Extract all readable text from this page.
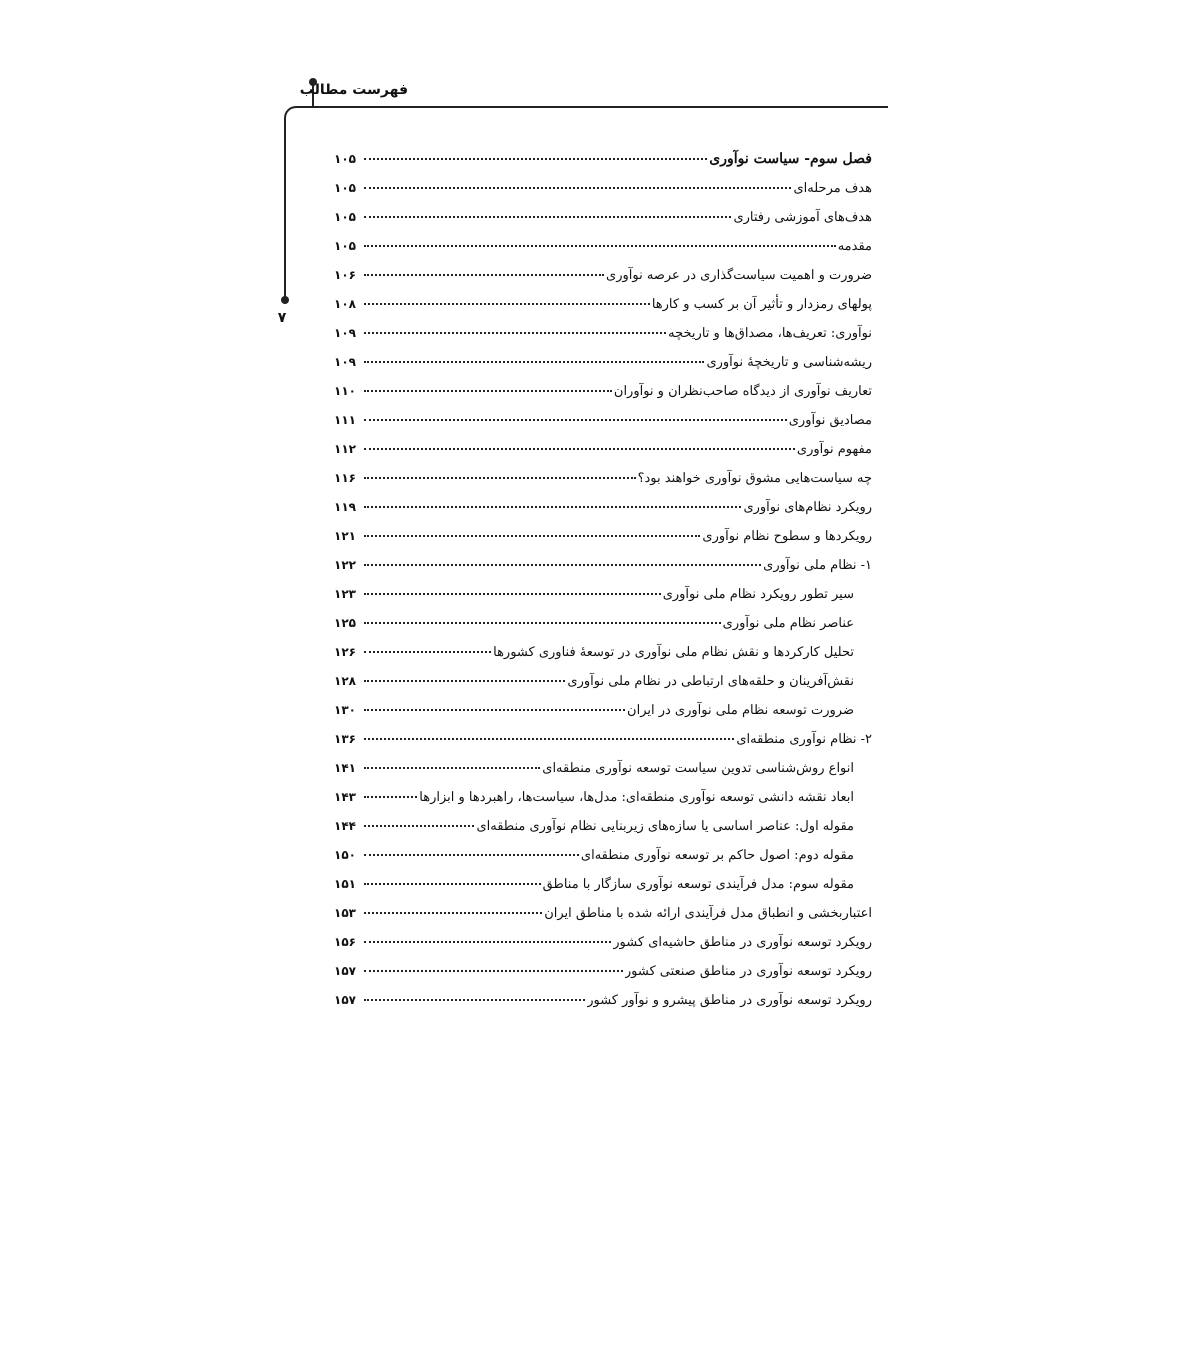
فهرست مطالب
۷
فصل سوم- سیاست نوآوری
۱۰۵
هدف مرحله‌ای
۱۰۵
هدف‌های آموزشی رفتاری
۱۰۵
مقدمه
۱۰۵
ضرورت و اهمیت سیاست‌گذاری در عرصه نوآوری
۱۰۶
پولهای رمزدار و تأثیر آن بر کسب و کارها
۱۰۸
نوآوری: تعریف‌ها، مصداق‌ها و تاریخچه
۱۰۹
ریشه‌شناسی و تاریخچهٔ نوآوری
۱۰۹
تعاریف نوآوری از دیدگاه صاحب‌نظران و نوآوران
۱۱۰
مصادیق نوآوری
۱۱۱
مفهوم نوآوری
۱۱۲
چه سیاست‌هایی مشوق نوآوری خواهند بود؟
۱۱۶
رویکرد نظام‌های نوآوری
۱۱۹
رویکردها و سطوح نظام نوآوری
۱۲۱
۱- نظام ملی نوآوری
۱۲۲
سیر تطور رویکرد نظام ملی نوآوری
۱۲۳
عناصر نظام ملی نوآوری
۱۲۵
تحلیل کارکردها و نقش نظام ملی نوآوری در توسعهٔ فناوری کشورها
۱۲۶
نقش‌آفرینان و حلقه‌های ارتباطی در نظام ملی نوآوری
۱۲۸
ضرورت توسعه نظام ملی نوآوری در ایران
۱۳۰
۲- نظام نوآوری منطقه‌ای
۱۳۶
انواع روش‌شناسی تدوین سیاست توسعه نوآوری منطقه‌ای
۱۴۱
ابعاد نقشه دانشی توسعه نوآوری منطقه‌ای: مدل‌ها، سیاست‌ها، راهبردها و ابزارها
۱۴۳
مقوله اول: عناصر اساسی یا سازه‌های زیربنایی نظام نوآوری منطقه‌ای
۱۴۴
مقوله دوم: اصول حاکم بر توسعه نوآوری منطقه‌ای
۱۵۰
مقوله سوم: مدل فرآیندی توسعه نوآوری سازگار با مناطق
۱۵۱
اعتباربخشی و انطباق مدل فرآیندی ارائه شده با مناطق ایران
۱۵۳
رویکرد توسعه نوآوری در مناطق حاشیه‌ای کشور
۱۵۶
رویکرد توسعه نوآوری در مناطق صنعتی کشور
۱۵۷
رویکرد توسعه نوآوری در مناطق پیشرو و نوآور کشور
۱۵۷
